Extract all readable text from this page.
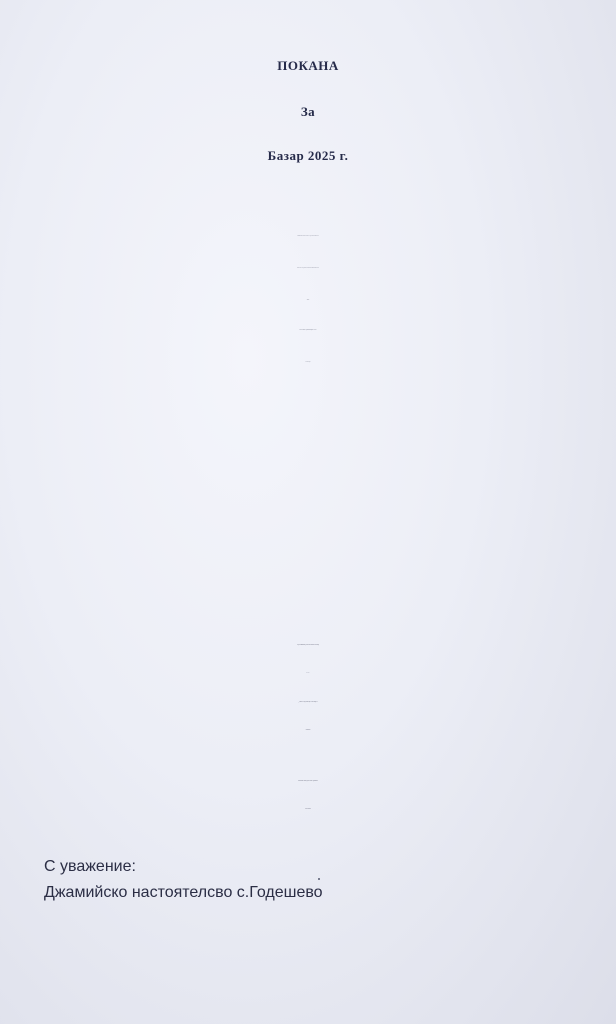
ПОКАНА

За

Базар 2025 г.

Джамийско настоятелство с. Годешево съвместно с

Кметство с.Годешево организират благотворителен

базар

на 25.11.2025 г. ( ВТОРНИК) от 12:30 ч.

на площада.

И да не забравяме думите на пророка Мухаммед

С.А.С. :

„ Който отгледа сирак ще е с мен заедно в

Дженнета”

Желателно е всеки да се отзове с донасяне и

закупуване!

С уважение:

Джамийско настоятелсво с.Годешево
